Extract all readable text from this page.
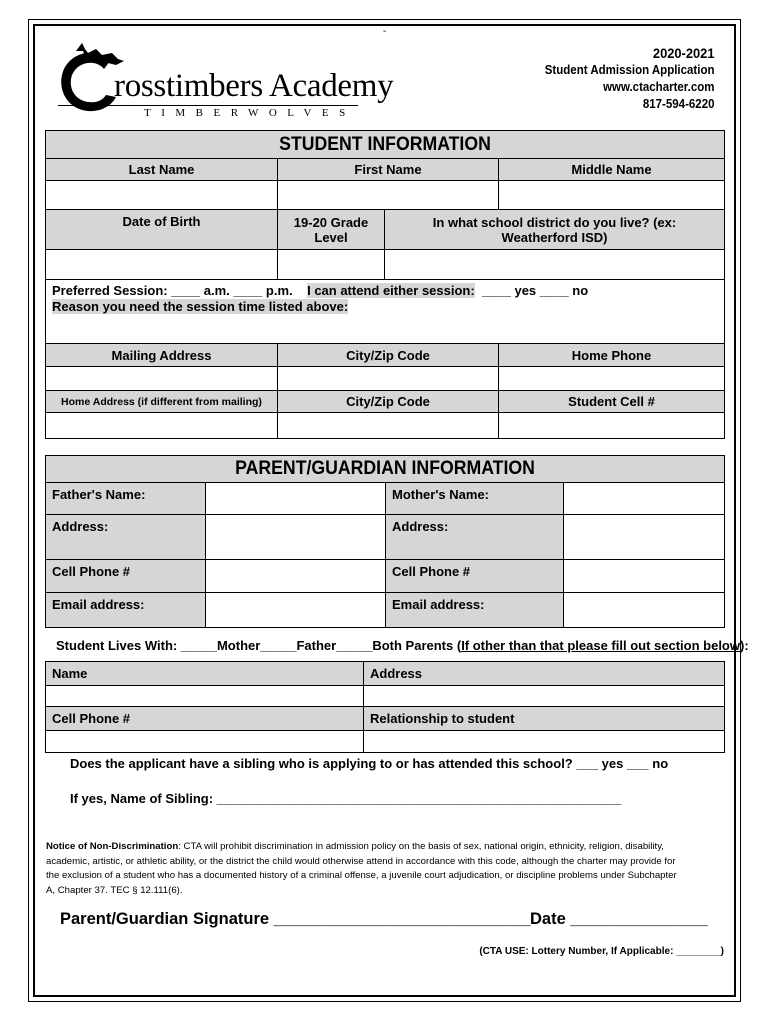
-
rosstimbers Academy
TIMBERWOLVES
2020-2021
Student Admission Application
www.ctacharter.com
817-594-6220
STUDENT INFORMATION			

Last Name	First Name		Middle Name

Date of Birth	19-20 Grade Level	In what school district do you live? (ex: Weatherford ISD)	

Preferred Session: ____ a.m. ____ p.m. I can attend either session: ____ yes ____ no
Reason you need the session time listed above:			
Mailing Address	City/Zip Code		Home Phone

Home Address (if different from mailing)	City/Zip Code		Student Cell #

PARENT/GUARDIAN INFORMATION			

Father's Name:		Mother's Name:	
Address:		Address:	
Cell Phone #		Cell Phone #	
Email address:		Email address:	
Student Lives With: _____Mother_____Father_____Both Parents (If other than that please fill out section below):
Name	Address

Cell Phone #	Relationship to student

Does the applicant have a sibling who is applying to or has attended this school? ___ yes ___ no
If yes, Name of Sibling: ________________________________________________________
Notice of Non-Discrimination: CTA will prohibit discrimination in admission policy on the basis of sex, national origin, ethnicity, religion, disability, academic, artistic, or athletic ability, or the district the child would otherwise attend in accordance with this code, although the charter may provide for the exclusion of a student who has a documented history of a criminal offense, a juvenile court adjudication, or discipline problems under Subchapter A, Chapter 37. TEC § 12.111(6).
Parent/Guardian Signature ____________________________ Date _______________
(CTA USE: Lottery Number, If Applicable: ________)
